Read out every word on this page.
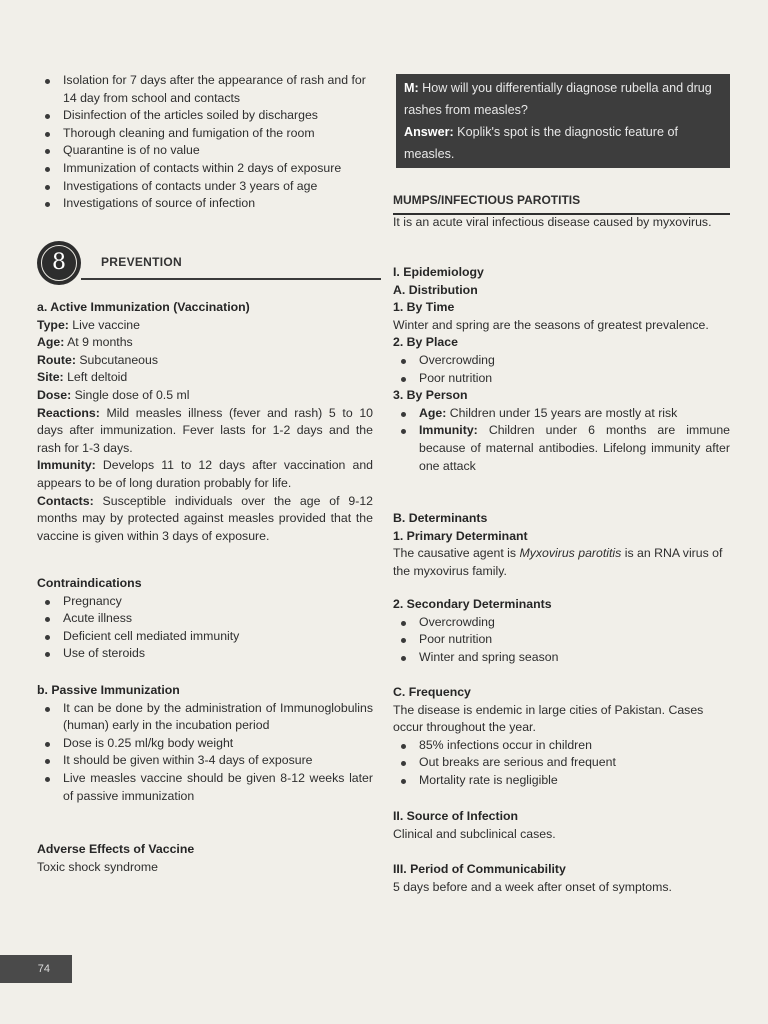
Isolation for 7 days after the appearance of rash and for 14 day from school and contacts
Disinfection of the articles soiled by discharges
Thorough cleaning and fumigation of the room
Quarantine is of no value
Immunization of contacts within 2 days of exposure
Investigations of contacts under 3 years of age
Investigations of source of infection
8	PREVENTION
a. Active Immunization (Vaccination)
Type: Live vaccine
Age: At 9 months
Route: Subcutaneous
Site: Left deltoid
Dose: Single dose of 0.5 ml

Reactions: Mild measles illness (fever and rash) 5 to 10 days after immunization. Fever lasts for 1-2 days and the rash for 1-3 days.

Immunity: Develops 11 to 12 days after vaccination and appears to be of long duration probably for life.

Contacts: Susceptible individuals over the age of 9-12 months may by protected against measles provided that the vaccine is given within 3 days of exposure.

Contraindications
Pregnancy
Acute illness
Deficient cell mediated immunity
Use of steroids
b. Passive Immunization
It can be done by the administration of Immunoglobulins (human) early in the incubation period
Dose is 0.25 ml/kg body weight
It should be given within 3-4 days of exposure
Live measles vaccine should be given 8-12 weeks later of passive immunization
Adverse Effects of Vaccine
Toxic shock syndrome
M: How will you differentially diagnose rubella and drug rashes from measles?
Answer: Koplik's spot is the diagnostic feature of measles.
MUMPS/INFECTIOUS PAROTITIS

It is an acute viral infectious disease caused by myxovirus.

I. Epidemiology
A. Distribution
1. By Time

Winter and spring are the seasons of greatest prevalence.

2. By Place
Overcrowding
Poor nutrition
3. By Person
Age: Children under 15 years are mostly at risk
Immunity: Children under 6 months are immune because of maternal antibodies. Lifelong immunity after one attack
B. Determinants
1. Primary Determinant

The causative agent is Myxovirus parotitis is an RNA virus of the myxovirus family.

2. Secondary Determinants
Overcrowding
Poor nutrition
Winter and spring season
C. Frequency

The disease is endemic in large cities of Pakistan. Cases occur throughout the year.

85% infections occur in children
Out breaks are serious and frequent
Mortality rate is negligible
II. Source of Infection
Clinical and subclinical cases.
III. Period of Communicability
5 days before and a week after onset of symptoms.
74
